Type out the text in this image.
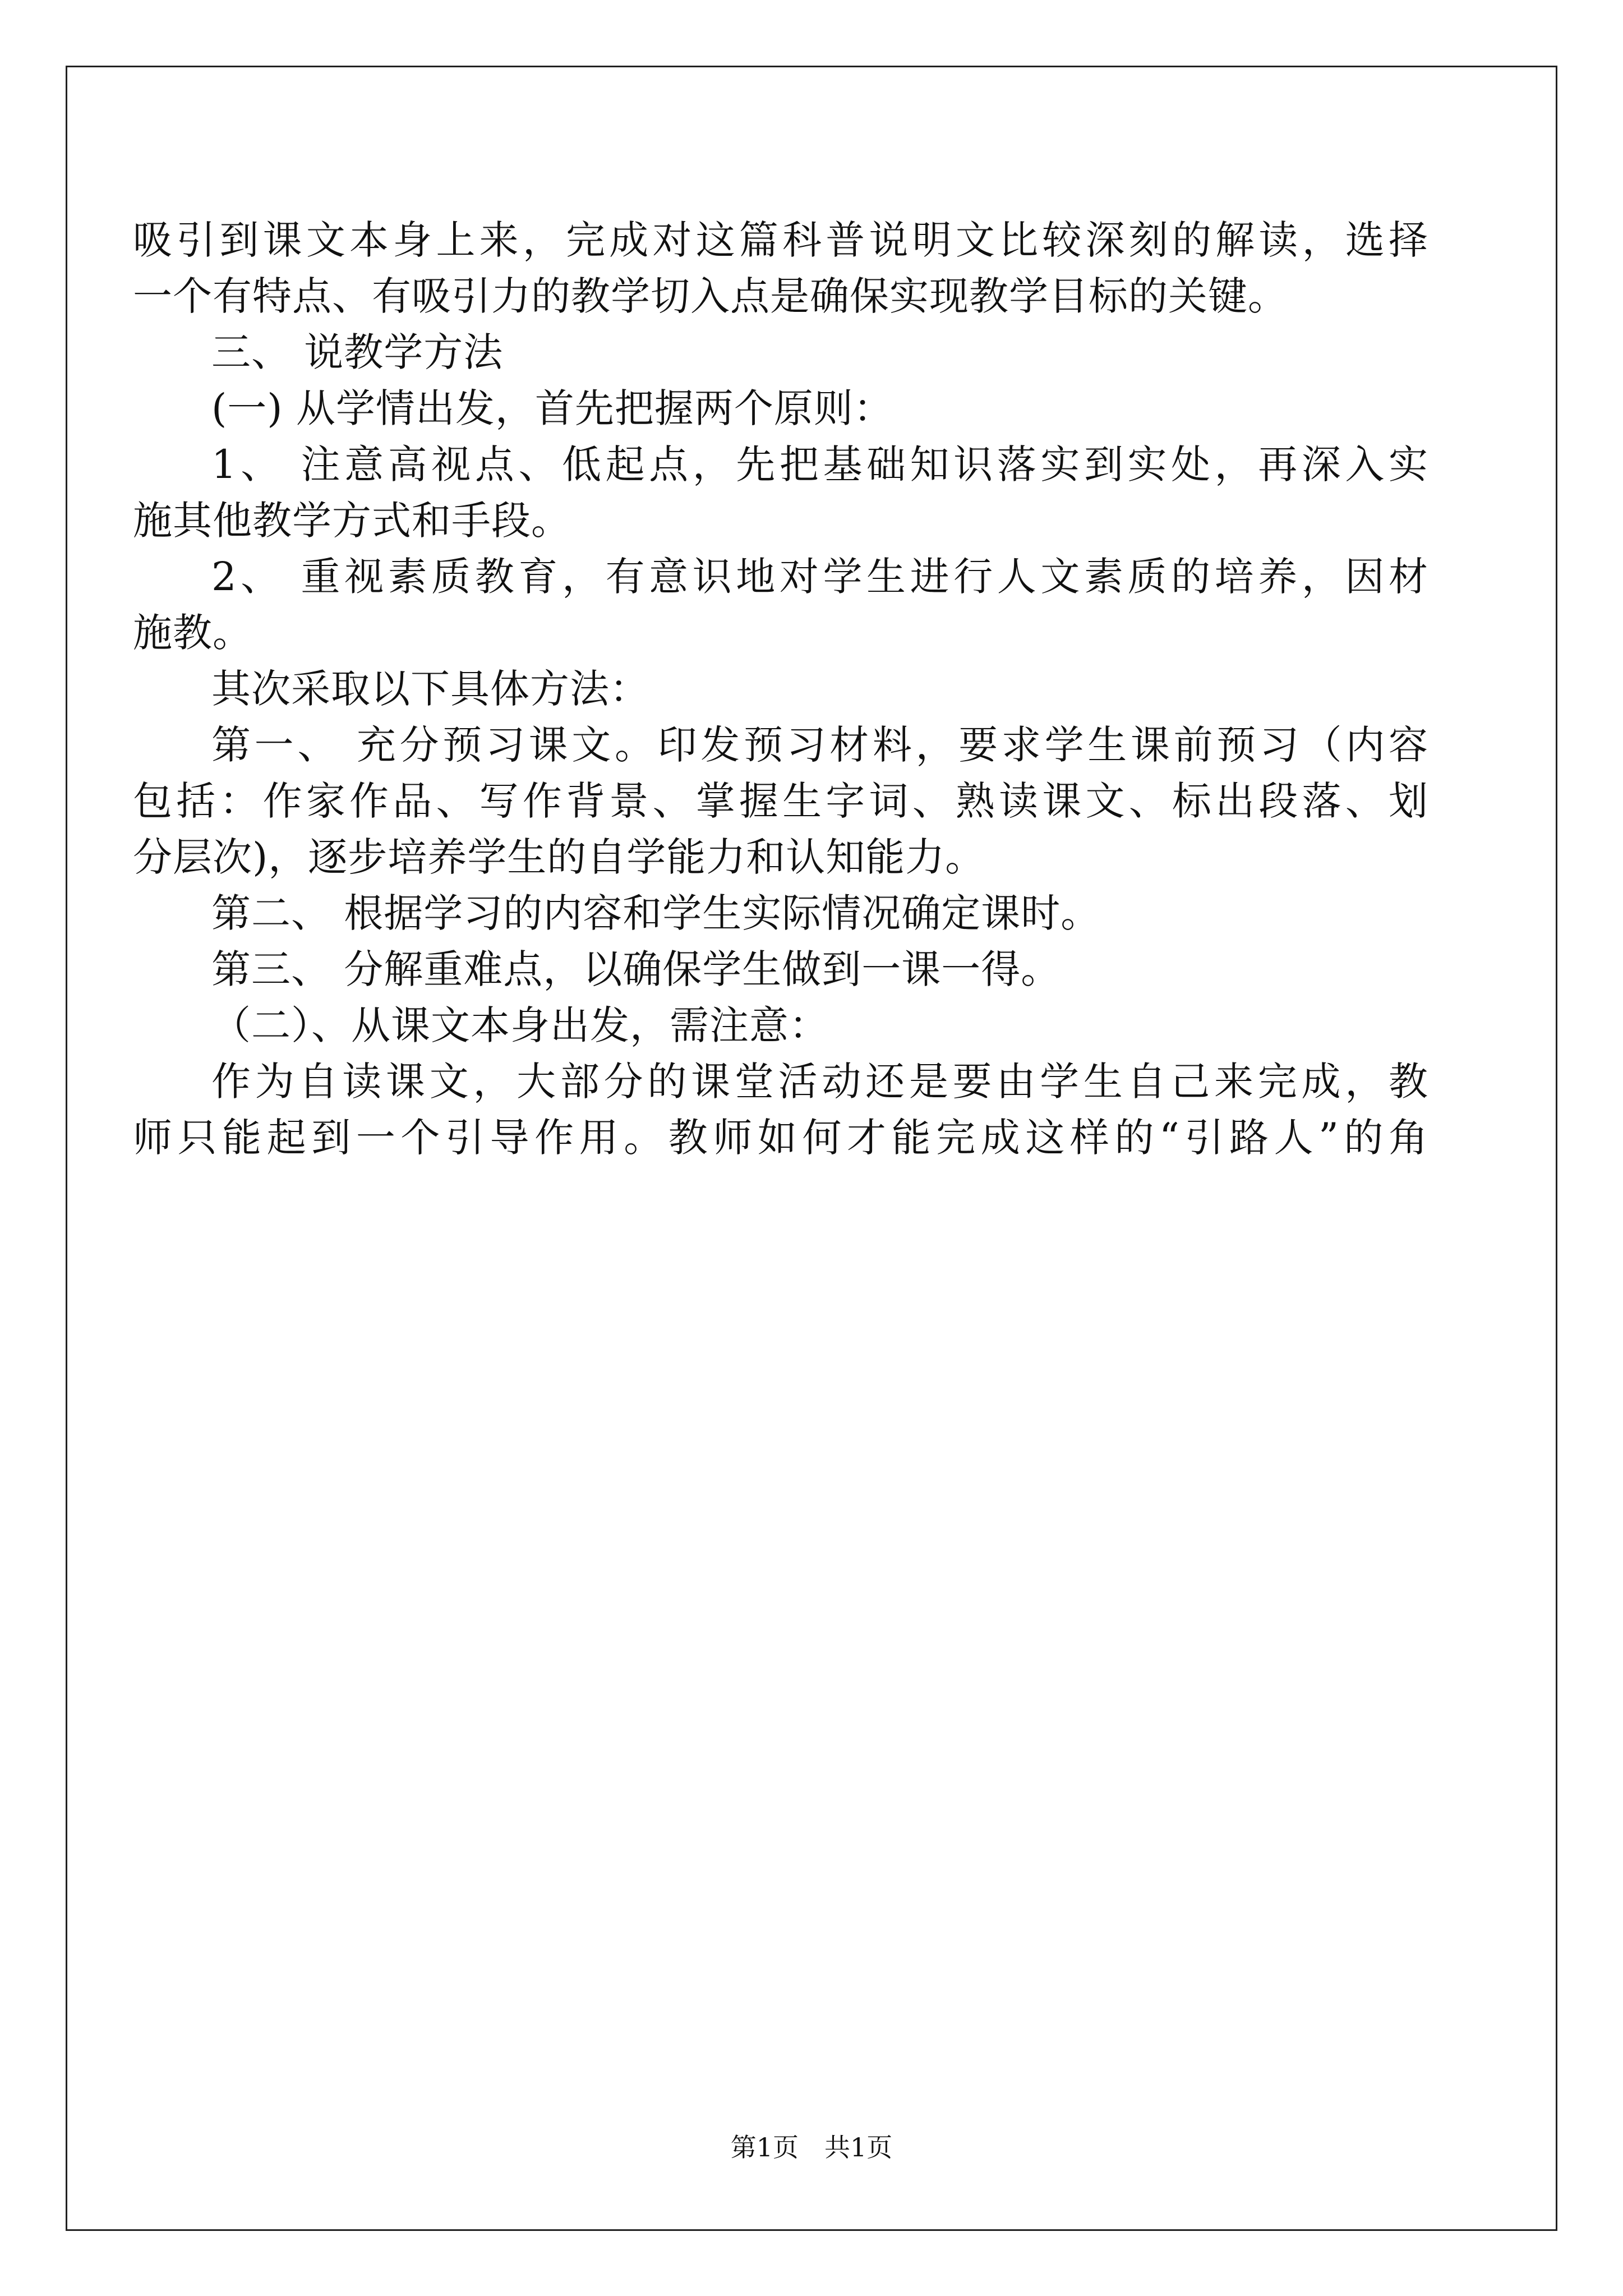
吸引到课文本身上来，完成对这篇科普说明文比较深刻的解读，选择

一个有特点、有吸引力的教学切入点是确保实现教学目标的关键。

三、 说教学方法

(一) 从学情出发，首先把握两个原则：

1、 注意高视点、低起点，先把基础知识落实到实处，再深入实

施其他教学方式和手段。

2、 重视素质教育，有意识地对学生进行人文素质的培养，因材

施教。

其次采取以下具体方法：

第一、 充分预习课文。印发预习材料，要求学生课前预习（内容

包括：作家作品、写作背景、掌握生字词、熟读课文、标出段落、划

分层次)，逐步培养学生的自学能力和认知能力。

第二、 根据学习的内容和学生实际情况确定课时。

第三、 分解重难点，以确保学生做到一课一得。

（二）、从课文本身出发，需注意：

作为自读课文，大部分的课堂活动还是要由学生自己来完成，教

师只能起到一个引导作用。教师如何才能完成这样的“引路人”的角

第1页　共1页
